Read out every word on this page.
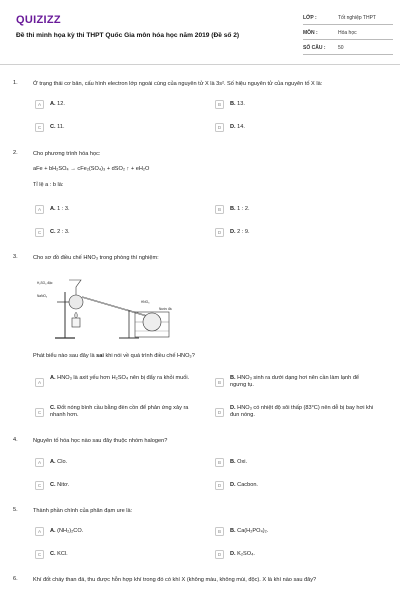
QUIZIZZ
Đề thi minh họa kỳ thi THPT Quốc Gia môn hóa học năm 2019 (Đề số 2)
LỚP :	Tốt nghiệp THPT
MÔN :	Hóa học
SỐ CÂU :	50
1.	Ở trạng thái cơ bản, cấu hình electron lớp ngoài cùng của nguyên tử X là 3s². Số hiệu nguyên tử của nguyên tố X là:
A	A. 12.	B	B. 13.
C	C. 11.	D	D. 14.
2.	Cho phương trình hóa học:
aFe + bH₂SO₄ → cFe₂(SO₄)₃ + dSO₂ ↑ + eH₂O
Tỉ lệ a : b là:
A	A. 1 : 3.	B	B. 1 : 2.
C	C. 2 : 3.	D	D. 2 : 9.
3.	Cho sơ đồ điều chế HNO₃ trong phòng thí nghiệm:
H₂SO₄ đặc
NaNO₃
HNO₃
Nước đá
Phát biểu nào sau đây là sai khi nói về quá trình điều chế HNO₃?
A
A. HNO₃ là axit yếu hơn H₂SO₄ nên bị đẩy ra khỏi muối.
B
B. HNO₃ sinh ra dưới dạng hơi nên cần làm lạnh để ngưng tụ.
C
C. Đốt nóng bình cầu bằng đèn cồn để phản ứng xảy ra nhanh hơn.	D
D. HNO₃ có nhiệt độ sôi thấp (83°C) nên dễ bị bay hơi khi đun nóng.
4.	Nguyên tố hóa học nào sau đây thuộc nhóm halogen?
A	A. Clo.	B	B. Oxi.
C	C. Nitơ.	D	D. Cacbon.
5.	Thành phần chính của phân đạm ure là:
A	A. (NH₂)₂CO.	B	B. Ca(H₂PO₄)₂.
C	C. KCl.	D	D. K₂SO₄.
6.	Khí đốt cháy than đá, thu được hỗn hợp khí trong đó có khí X (không màu, không mùi, độc). X là khí nào sau đây?
